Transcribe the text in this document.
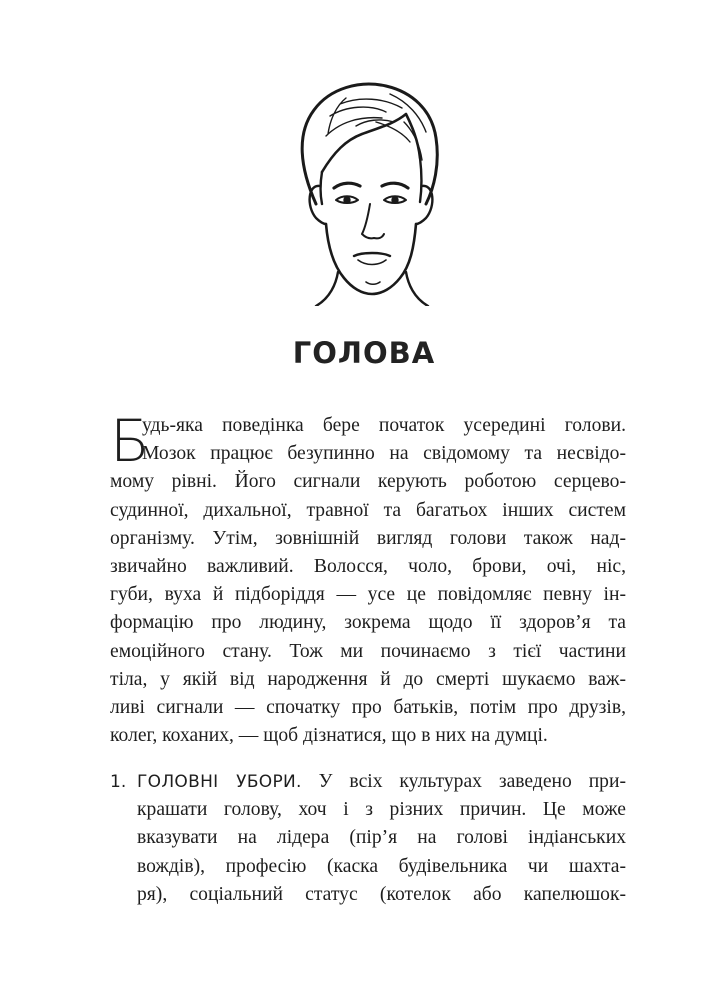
ГОЛОВА
Б
удь-яка поведінка бере початок усередині голови.
Мозок працює безупинно на свідомому та несвідо-
мому рівні. Його сигнали керують роботою серцево-
судинної, дихальної, травної та багатьох інших систем
організму. Утім, зовнішній вигляд голови також над-
звичайно важливий. Волосся, чоло, брови, очі, ніс,
губи, вуха й підборіддя — усе це повідомляє певну ін-
формацію про людину, зокрема щодо її здоров’я та
емоційного стану. Тож ми починаємо з тієї частини
тіла, у якій від народження й до смерті шукаємо важ-
ливі сигнали — спочатку про батьків, потім про друзів,
колег, коханих, — щоб дізнатися, що в них на думці.
1. ГОЛОВНІ УБОРИ. У всіх культурах заведено при-
крашати голову, хоч і з різних причин. Це може
вказувати на лідера (пір’я на голові індіанських
вождів), професію (каска будівельника чи шахта-
ря), соціальний статус (котелок або капелюшок-
